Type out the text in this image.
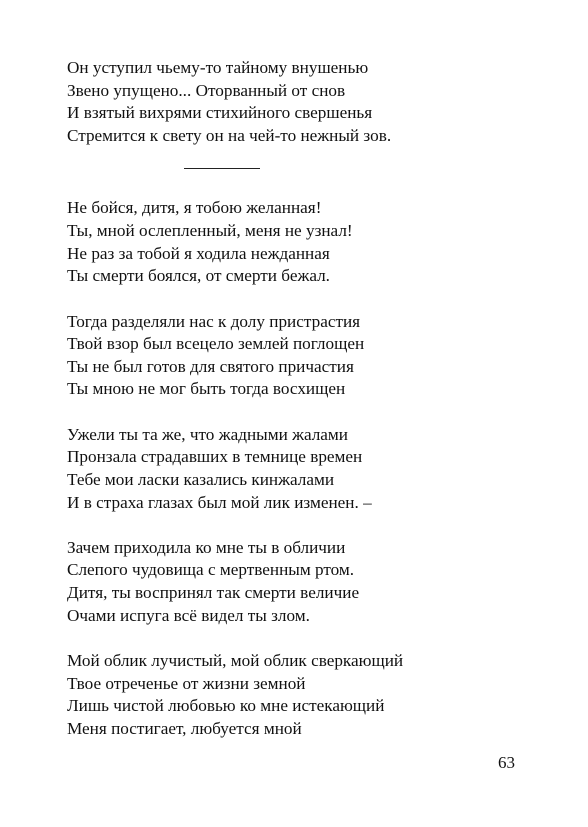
Он уступил чьему-то тайному внушенью
Звено упущено... Оторванный от снов
И взятый вихрями стихийного свершенья
Стремится к свету он на чей-то нежный зов.
Не бойся, дитя, я тобою желанная!
Ты, мной ослепленный, меня не узнал!
Не раз за тобой я ходила нежданная
Ты смерти боялся, от смерти бежал.
Тогда разделяли нас к долу пристрастия
Твой взор был всецело землей поглощен
Ты не был готов для святого причастия
Ты мною не мог быть тогда восхищен
Ужели ты та же, что жадными жалами
Пронзала страдавших в темнице времен
Тебе мои ласки казались кинжалами
И в страха глазах был мой лик изменен. –
Зачем приходила ко мне ты в обличии
Слепого чудовища с мертвенным ртом.
Дитя, ты воспринял так смерти величие
Очами испуга всё видел ты злом.
Мой облик лучистый, мой облик сверкающий
Твое отреченье от жизни земной
Лишь чистой любовью ко мне истекающий
Меня постигает, любуется мной
63
